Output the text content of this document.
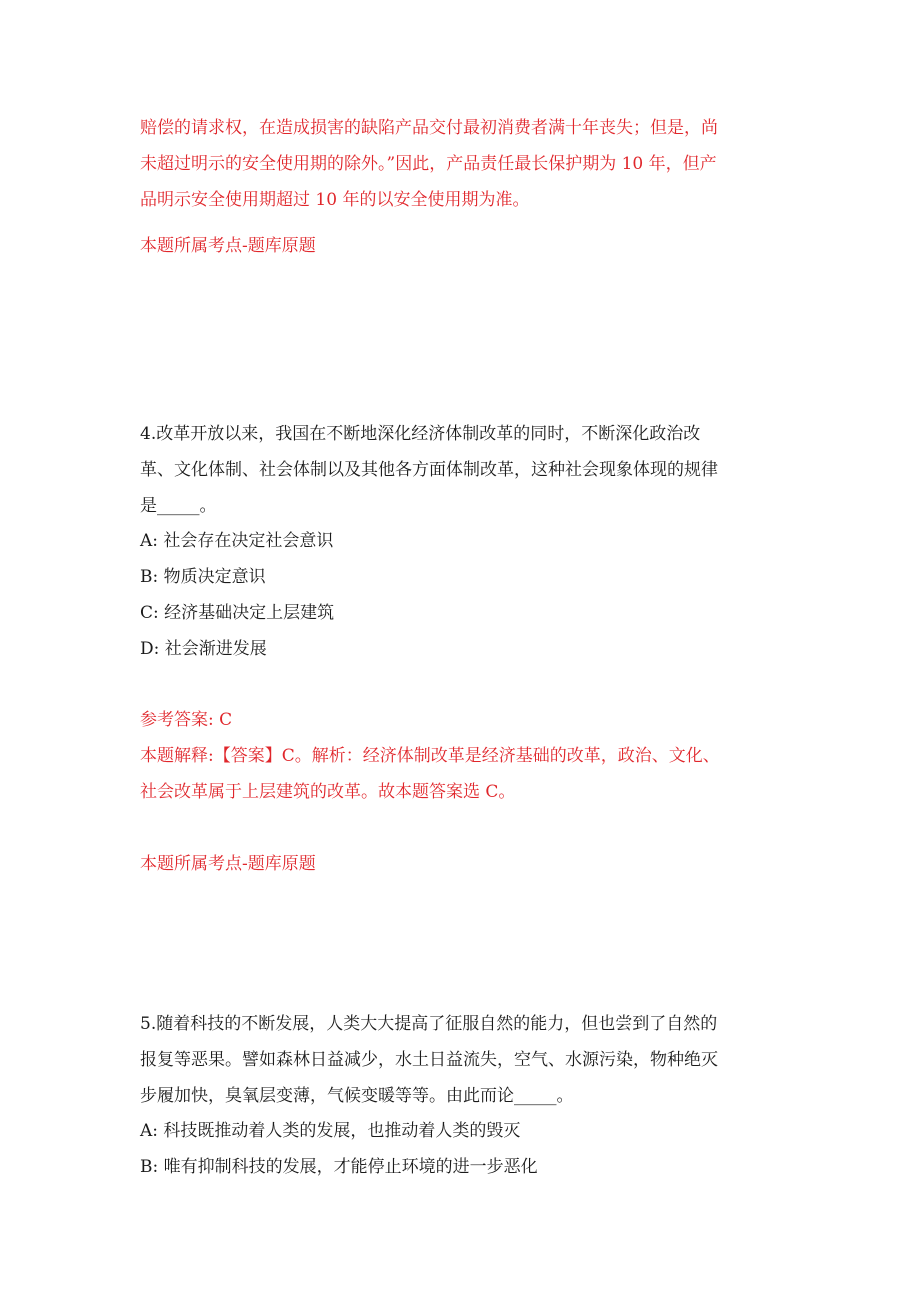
赔偿的请求权，在造成损害的缺陷产品交付最初消费者满十年丧失；但是，尚

未超过明示的安全使用期的除外。”因此，产品责任最长保护期为 10 年，但产

品明示安全使用期超过 10 年的以安全使用期为准。

本题所属考点-题库原题

4.改革开放以来，我国在不断地深化经济体制改革的同时，不断深化政治改

革、文化体制、社会体制以及其他各方面体制改革，这种社会现象体现的规律

是_____。

A: 社会存在决定社会意识

B: 物质决定意识

C: 经济基础决定上层建筑

D: 社会渐进发展

参考答案: C

本题解释:【答案】C。解析：经济体制改革是经济基础的改革，政治、文化、

社会改革属于上层建筑的改革。故本题答案选 C。

本题所属考点-题库原题

5.随着科技的不断发展，人类大大提高了征服自然的能力，但也尝到了自然的

报复等恶果。譬如森林日益减少，水土日益流失，空气、水源污染，物种绝灭

步履加快，臭氧层变薄，气候变暖等等。由此而论_____。

A: 科技既推动着人类的发展，也推动着人类的毁灭

B: 唯有抑制科技的发展，才能停止环境的进一步恶化
